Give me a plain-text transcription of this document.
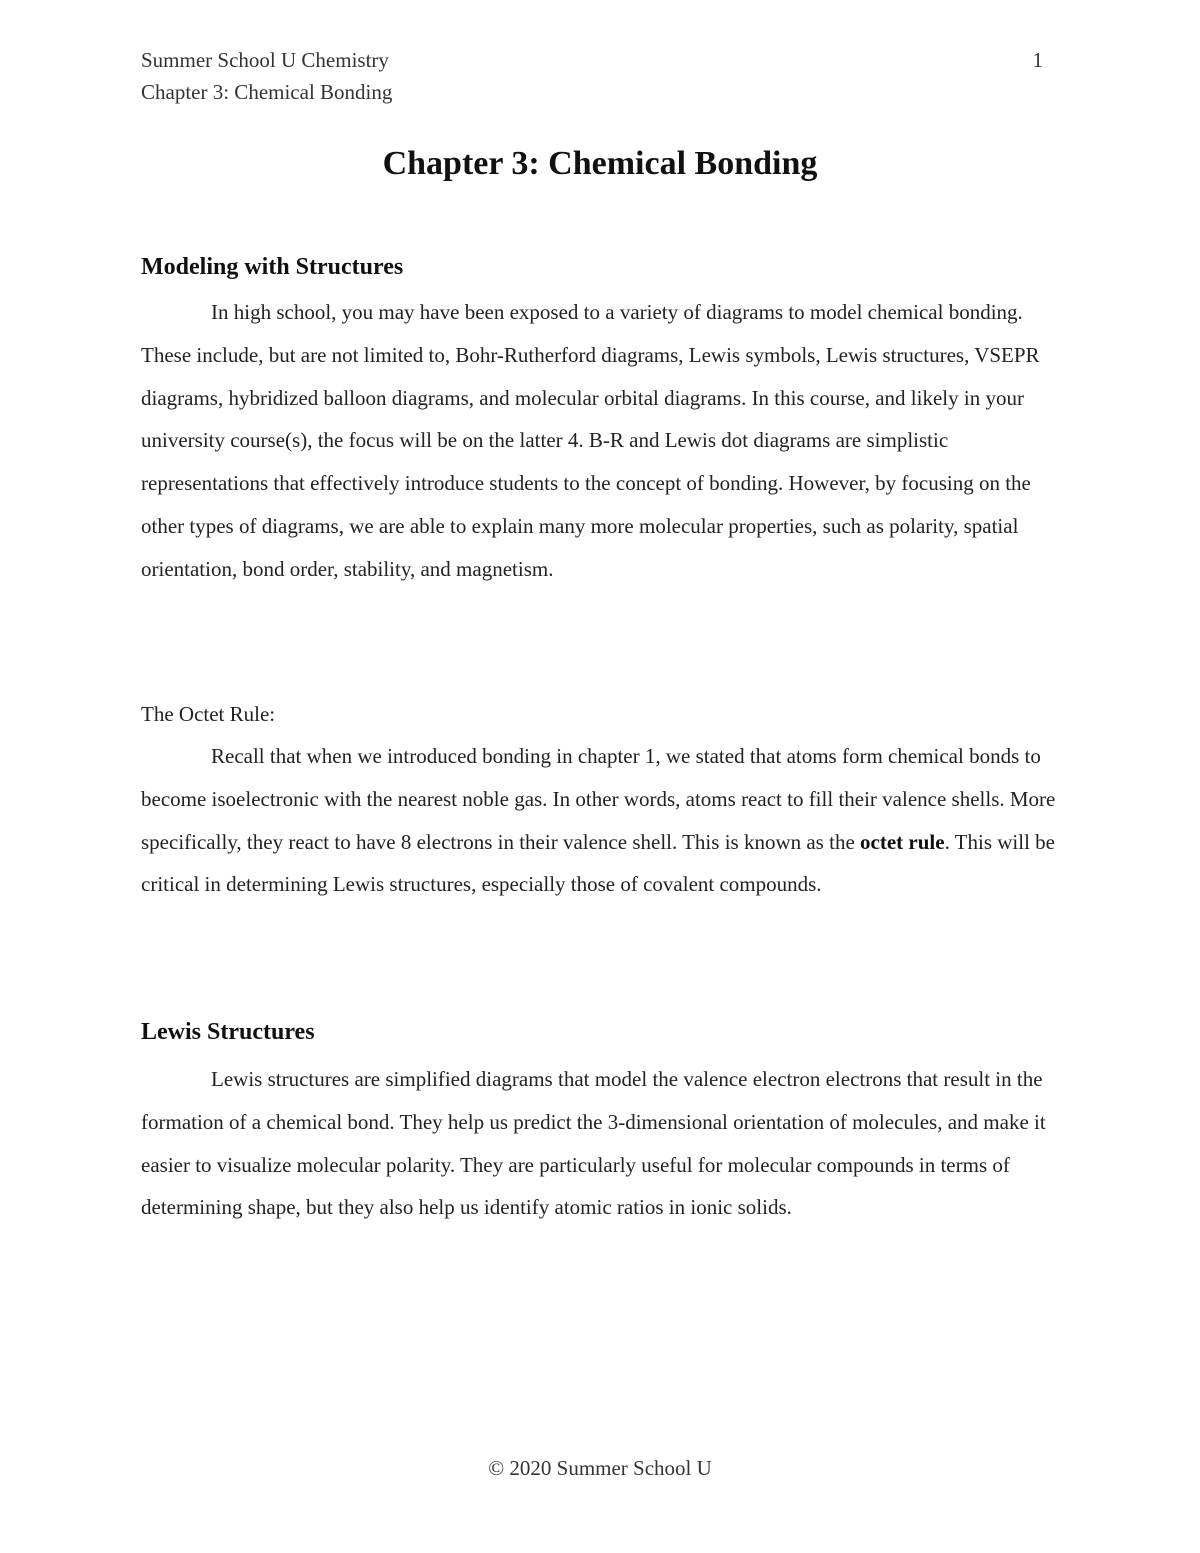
Summer School U Chemistry
Chapter 3: Chemical Bonding
1
Chapter 3: Chemical Bonding
Modeling with Structures

In high school, you may have been exposed to a variety of diagrams to model chemical bonding. These include, but are not limited to, Bohr-Rutherford diagrams, Lewis symbols, Lewis structures, VSEPR diagrams, hybridized balloon diagrams, and molecular orbital diagrams. In this course, and likely in your university course(s), the focus will be on the latter 4. B-R and Lewis dot diagrams are simplistic representations that effectively introduce students to the concept of bonding. However, by focusing on the other types of diagrams, we are able to explain many more molecular properties, such as polarity, spatial orientation, bond order, stability, and magnetism.

The Octet Rule:

Recall that when we introduced bonding in chapter 1, we stated that atoms form chemical bonds to become isoelectronic with the nearest noble gas. In other words, atoms react to fill their valence shells. More specifically, they react to have 8 electrons in their valence shell. This is known as the octet rule. This will be critical in determining Lewis structures, especially those of covalent compounds.

Lewis Structures

Lewis structures are simplified diagrams that model the valence electron electrons that result in the formation of a chemical bond. They help us predict the 3-dimensional orientation of molecules, and make it easier to visualize molecular polarity. They are particularly useful for molecular compounds in terms of determining shape, but they also help us identify atomic ratios in ionic solids.

© 2020 Summer School U
